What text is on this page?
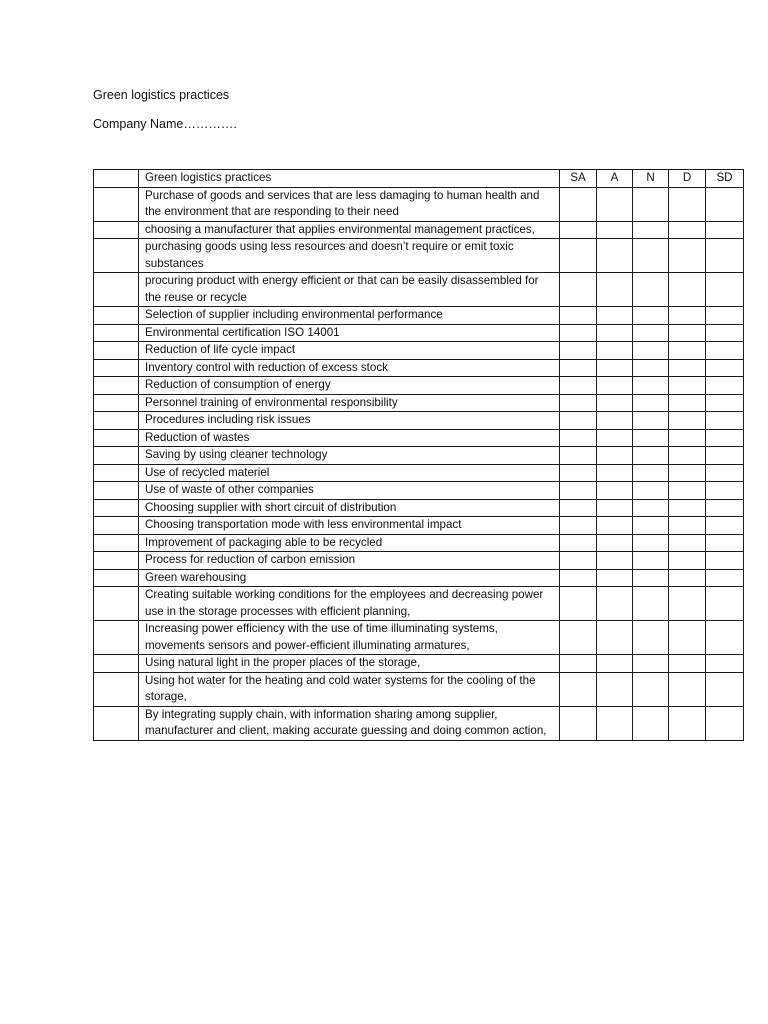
Green logistics practices
Company Name………….
	Green logistics practices	SA	A	N	D	SD
	Purchase of goods and services that are less damaging to human health and the environment that are responding to their need					
	choosing a manufacturer that applies environmental management practices,					
	purchasing goods using less resources and doesn’t require or emit toxic substances					
	procuring product with energy efficient or that can be easily disassembled for the reuse or recycle					
	Selection of supplier including environmental performance					
	Environmental certification ISO 14001					
	Reduction of life cycle impact					
	Inventory control with reduction of excess stock					
	Reduction of consumption of energy					
	Personnel training of environmental responsibility					
	Procedures including risk issues					
	Reduction of wastes					
	Saving by using cleaner technology					
	Use of recycled materiel					
	Use of waste of other companies					
	Choosing supplier with short circuit of distribution					
	Choosing transportation mode with less environmental impact					
	Improvement of packaging able to be recycled					
	Process for reduction of carbon emission					
	Green warehousing					
	Creating suitable working conditions for the employees and decreasing power use in the storage processes with efficient planning,					
	Increasing power efficiency with the use of time illuminating systems, movements sensors and power-efficient illuminating armatures,					
	Using natural light in the proper places of the storage,					
	Using hot water for the heating and cold water systems for the cooling of the storage,					
	By integrating supply chain, with information sharing among supplier, manufacturer and client, making accurate guessing and doing common action,					
